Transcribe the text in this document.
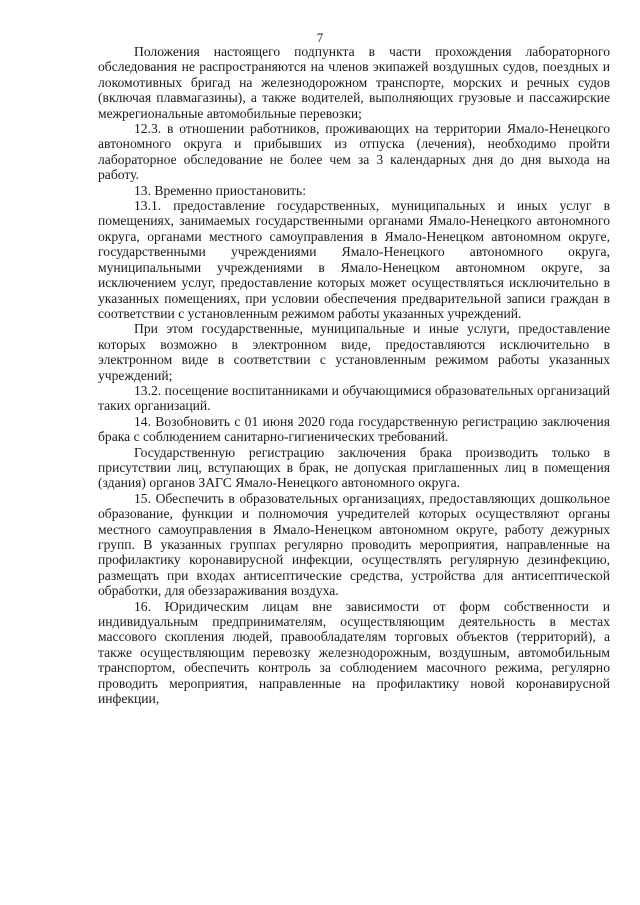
7

Положения настоящего подпункта в части прохождения лабораторного обследования не распространяются на членов экипажей воздушных судов, поездных и локомотивных бригад на железнодорожном транспорте, морских и речных судов (включая плавмагазины), а также водителей, выполняющих грузовые и пассажирские межрегиональные автомобильные перевозки;

12.3. в отношении работников, проживающих на территории Ямало-Ненецкого автономного округа и прибывших из отпуска (лечения), необходимо пройти лабораторное обследование не более чем за 3 календарных дня до дня выхода на работу.

13. Временно приостановить:

13.1. предоставление государственных, муниципальных и иных услуг в помещениях, занимаемых государственными органами Ямало-Ненецкого автономного округа, органами местного самоуправления в Ямало-Ненецком автономном округе, государственными учреждениями Ямало-Ненецкого автономного округа, муниципальными учреждениями в Ямало-Ненецком автономном округе, за исключением услуг, предоставление которых может осуществляться исключительно в указанных помещениях, при условии обеспечения предварительной записи граждан в соответствии с установленным режимом работы указанных учреждений.

При этом государственные, муниципальные и иные услуги, предоставление которых возможно в электронном виде, предоставляются исключительно в электронном виде в соответствии с установленным режимом работы указанных учреждений;

13.2. посещение воспитанниками и обучающимися образовательных организаций таких организаций.

14. Возобновить с 01 июня 2020 года государственную регистрацию заключения брака с соблюдением санитарно-гигиенических требований.

Государственную регистрацию заключения брака производить только в присутствии лиц, вступающих в брак, не допуская приглашенных лиц в помещения (здания) органов ЗАГС Ямало-Ненецкого автономного округа.

15. Обеспечить в образовательных организациях, предоставляющих дошкольное образование, функции и полномочия учредителей которых осуществляют органы местного самоуправления в Ямало-Ненецком автономном округе, работу дежурных групп. В указанных группах регулярно проводить мероприятия, направленные на профилактику коронавирусной инфекции, осуществлять регулярную дезинфекцию, размещать при входах антисептические средства, устройства для антисептической обработки, для обеззараживания воздуха.

16. Юридическим лицам вне зависимости от форм собственности и индивидуальным предпринимателям, осуществляющим деятельность в местах массового скопления людей, правообладателям торговых объектов (территорий), а также осуществляющим перевозку железнодорожным, воздушным, автомобильным транспортом, обеспечить контроль за соблюдением масочного режима, регулярно проводить мероприятия, направленные на профилактику новой коронавирусной инфекции,
